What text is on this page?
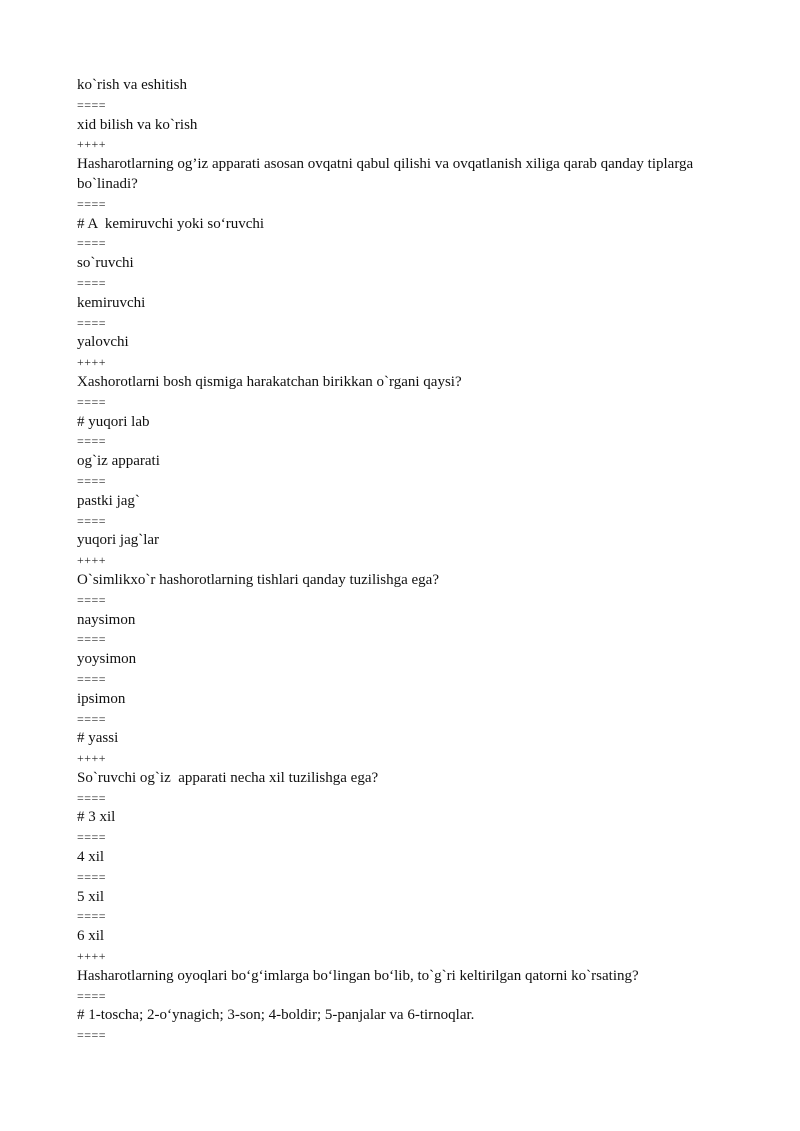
ko`rish va eshitish
====
xid bilish va ko`rish
++++
Hasharotlarning og’iz apparati asosan ovqatni qabul qilishi va ovqatlanish xiliga qarab qanday tiplarga bo`linadi?
====
# A  kemiruvchi yoki so‘ruvchi
====
so`ruvchi
====
kemiruvchi
====
yalovchi
++++
Xashorotlarni bosh qismiga harakatchan birikkan o`rgani qaysi?
====
# yuqori lab
====
og`iz apparati
====
pastki jag`
====
yuqori jag`lar
++++
O`simlikxo`r hashorotlarning tishlari qanday tuzilishga ega?
====
naysimon
====
yoysimon
====
ipsimon
====
# yassi
++++
So`ruvchi og`iz  apparati necha xil tuzilishga ega?
====
# 3 xil
====
4 xil
====
5 xil
====
6 xil
++++
Hasharotlarning oyoqlari bo‘g‘imlarga bo‘lingan bo‘lib, to`g`ri keltirilgan qatorni ko`rsating?
====
# 1-toscha; 2-o‘ynagich; 3-son; 4-boldir; 5-panjalar va 6-tirnoqlar.
====
